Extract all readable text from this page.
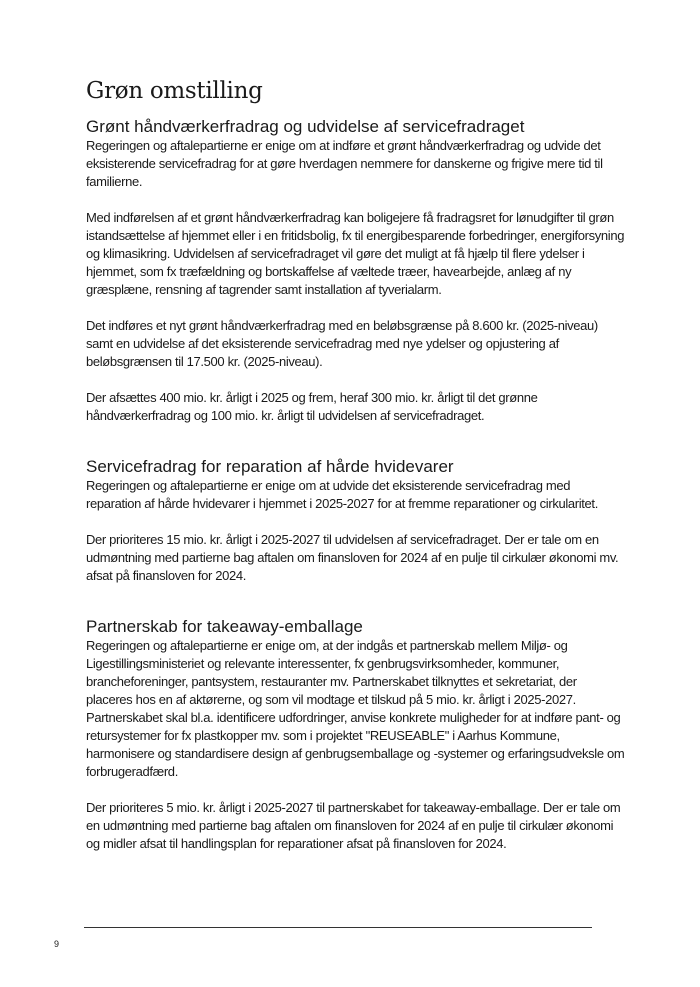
Grøn omstilling
Grønt håndværkerfradrag og udvidelse af servicefradraget

Regeringen og aftalepartierne er enige om at indføre et grønt håndværkerfradrag og udvide det eksisterende servicefradrag for at gøre hverdagen nemmere for danskerne og frigive mere tid til familierne.

Med indførelsen af et grønt håndværkerfradrag kan boligejere få fradragsret for lønudgifter til grøn istandsættelse af hjemmet eller i en fritidsbolig, fx til energibesparende forbedringer, energiforsyning og klimasikring. Udvidelsen af servicefradraget vil gøre det muligt at få hjælp til flere ydelser i hjemmet, som fx træfældning og bortskaffelse af væltede træer, havearbejde, anlæg af ny græsplæne, rensning af tagrender samt installation af tyverialarm.

Det indføres et nyt grønt håndværkerfradrag med en beløbsgrænse på 8.600 kr. (2025-niveau) samt en udvidelse af det eksisterende servicefradrag med nye ydelser og opjustering af beløbsgrænsen til 17.500 kr. (2025-niveau).

Der afsættes 400 mio. kr. årligt i 2025 og frem, heraf 300 mio. kr. årligt til det grønne håndværkerfradrag og 100 mio. kr. årligt til udvidelsen af servicefradraget.

Servicefradrag for reparation af hårde hvidevarer

Regeringen og aftalepartierne er enige om at udvide det eksisterende servicefradrag med reparation af hårde hvidevarer i hjemmet i 2025-2027 for at fremme reparationer og cirkularitet.

Der prioriteres 15 mio. kr. årligt i 2025-2027 til udvidelsen af servicefradraget. Der er tale om en udmøntning med partierne bag aftalen om finansloven for 2024 af en pulje til cirkulær økonomi mv. afsat på finansloven for 2024.

Partnerskab for takeaway-emballage

Regeringen og aftalepartierne er enige om, at der indgås et partnerskab mellem Miljø- og Ligestillingsministeriet og relevante interessenter, fx genbrugsvirksomheder, kommuner, brancheforeninger, pantsystem, restauranter mv. Partnerskabet tilknyttes et sekretariat, der placeres hos en af aktørerne, og som vil modtage et tilskud på 5 mio. kr. årligt i 2025-2027. Partnerskabet skal bl.a. identificere udfordringer, anvise konkrete muligheder for at indføre pant- og retursystemer for fx plastkopper mv. som i projektet "REUSEABLE" i Aarhus Kommune, harmonisere og standardisere design af genbrugsemballage og -systemer og erfaringsudveksle om forbrugeradfærd.

Der prioriteres 5 mio. kr. årligt i 2025-2027 til partnerskabet for takeaway-emballage. Der er tale om en udmøntning med partierne bag aftalen om finansloven for 2024 af en pulje til cirkulær økonomi og midler afsat til handlingsplan for reparationer afsat på finansloven for 2024.

9
